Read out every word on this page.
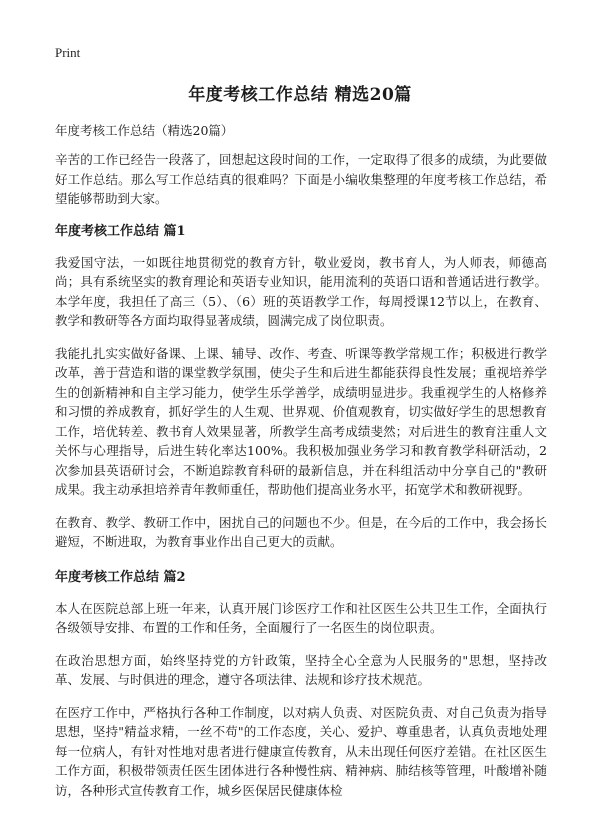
Print
年度考核工作总结 精选20篇

年度考核工作总结（精选20篇）

辛苦的工作已经告一段落了，回想起这段时间的工作，一定取得了很多的成绩，为此要做好工作总结。那么写工作总结真的很难吗？下面是小编收集整理的年度考核工作总结，希望能够帮助到大家。

年度考核工作总结 篇1

我爱国守法，一如既往地贯彻党的教育方针，敬业爱岗，教书育人，为人师表，师德高尚；具有系统坚实的教育理论和英语专业知识，能用流利的英语口语和普通话进行教学。本学年度，我担任了高三（5）、（6）班的英语教学工作，每周授课12节以上，在教育、教学和教研等各方面均取得显著成绩，圆满完成了岗位职责。

我能扎扎实实做好备课、上课、辅导、改作、考查、听课等教学常规工作；积极进行教学改革，善于营造和谐的课堂教学氛围，使尖子生和后进生都能获得良性发展；重视培养学生的创新精神和自主学习能力，使学生乐学善学，成绩明显进步。我重视学生的人格修养和习惯的养成教育，抓好学生的人生观、世界观、价值观教育，切实做好学生的思想教育工作，培优转差、教书育人效果显著，所教学生高考成绩斐然；对后进生的教育注重人文关怀与心理指导，后进生转化率达100%。我积极加强业务学习和教育教学科研活动，2次参加县英语研讨会，不断追踪教育科研的最新信息，并在科组活动中分享自己的"教研成果。我主动承担培养青年教师重任，帮助他们提高业务水平，拓宽学术和教研视野。

在教育、教学、教研工作中，困扰自己的问题也不少。但是，在今后的工作中，我会扬长避短，不断进取，为教育事业作出自己更大的贡献。

年度考核工作总结 篇2

本人在医院总部上班一年来，认真开展门诊医疗工作和社区医生公共卫生工作，全面执行各级领导安排、布置的工作和任务，全面履行了一名医生的岗位职责。

在政治思想方面，始终坚持党的方针政策，坚持全心全意为人民服务的"思想，坚持改革、发展、与时俱进的理念，遵守各项法律、法规和诊疗技术规范。

在医疗工作中，严格执行各种工作制度，以对病人负责、对医院负责、对自己负责为指导思想，坚持"精益求精，一丝不苟"的工作态度，关心、爱护、尊重患者，认真负责地处理每一位病人，有针对性地对患者进行健康宣传教育，从未出现任何医疗差错。在社区医生工作方面，积极带领责任医生团体进行各种慢性病、精神病、肺结核等管理，叶酸增补随访，各种形式宣传教育工作，城乡医保居民健康体检
